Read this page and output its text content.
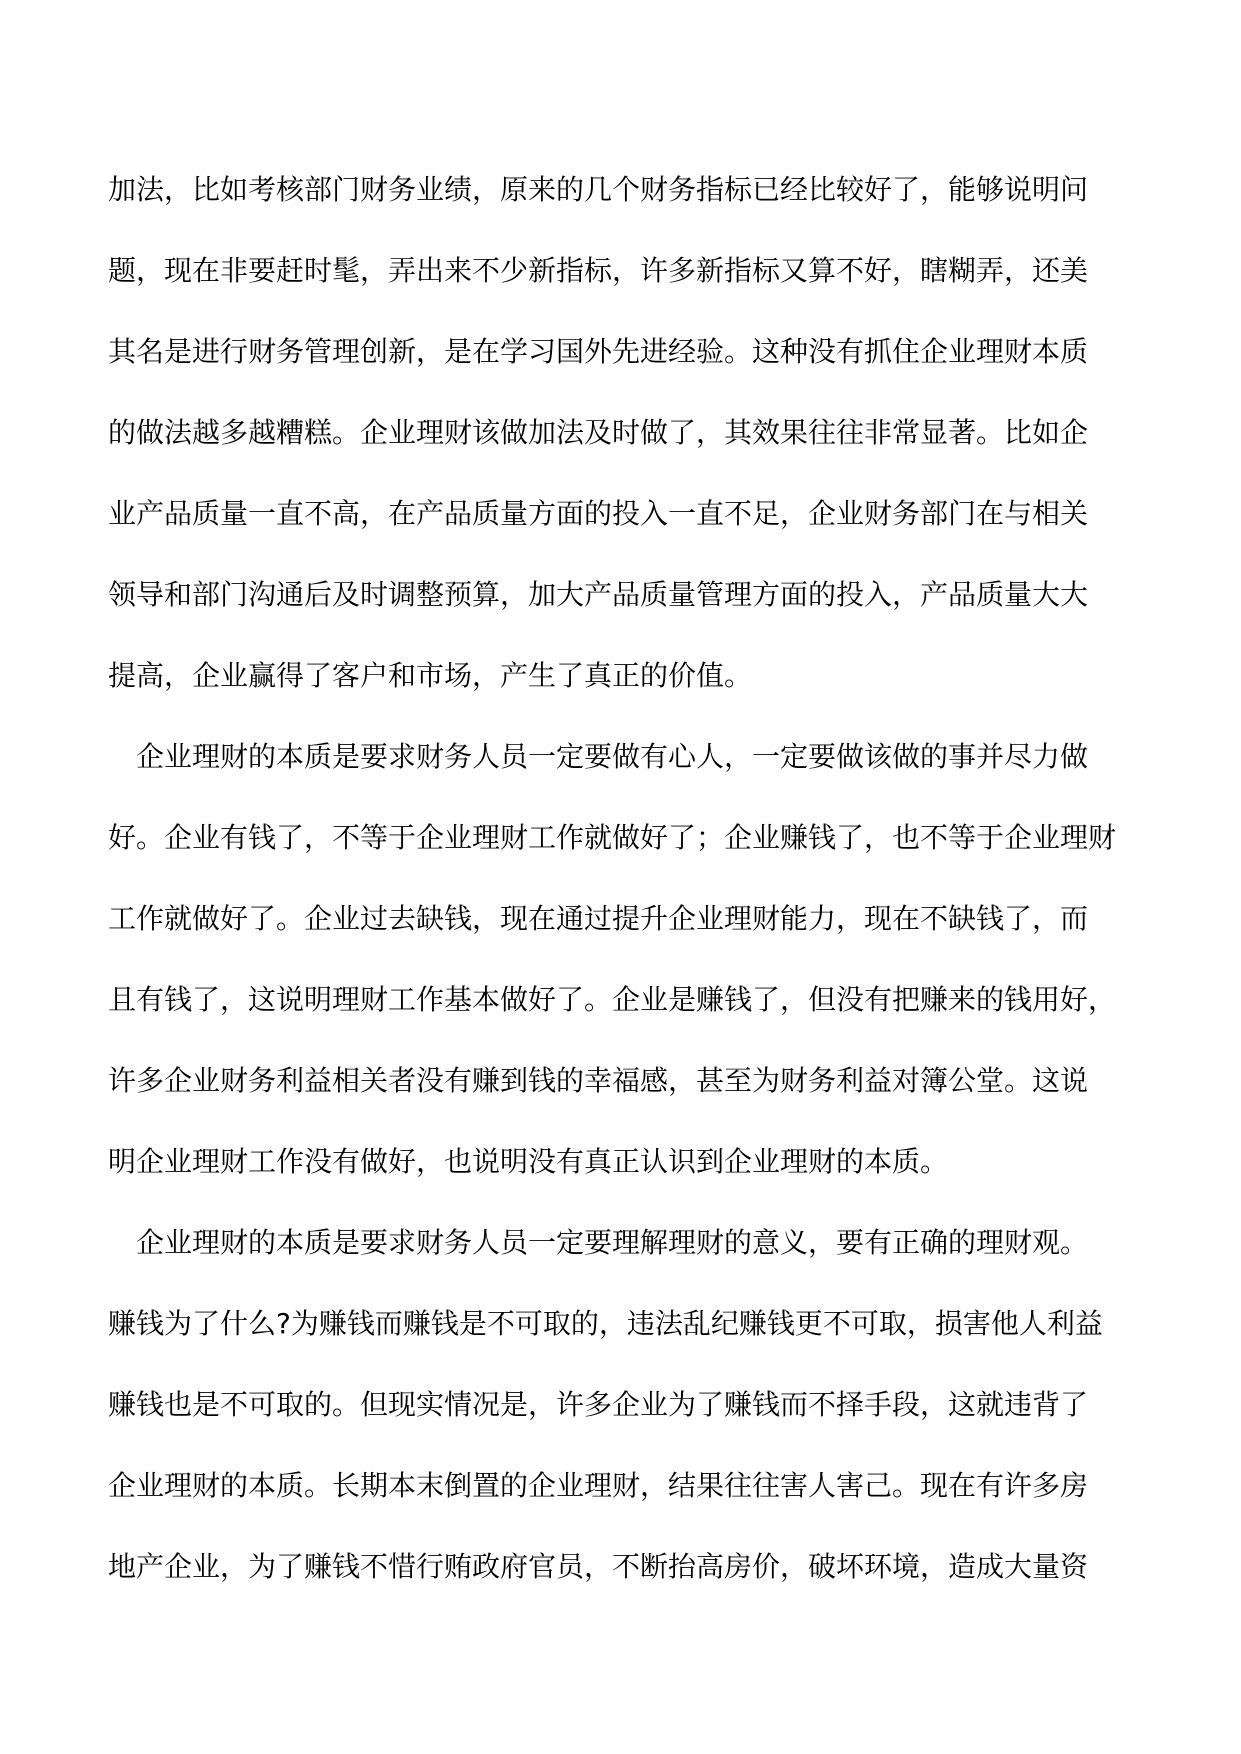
加法，比如考核部门财务业绩，原来的几个财务指标已经比较好了，能够说明问
题，现在非要赶时髦，弄出来不少新指标，许多新指标又算不好，瞎糊弄，还美
其名是进行财务管理创新，是在学习国外先进经验。这种没有抓住企业理财本质
的做法越多越糟糕。企业理财该做加法及时做了，其效果往往非常显著。比如企
业产品质量一直不高，在产品质量方面的投入一直不足，企业财务部门在与相关
领导和部门沟通后及时调整预算，加大产品质量管理方面的投入，产品质量大大
提高，企业赢得了客户和市场，产生了真正的价值。
企业理财的本质是要求财务人员一定要做有心人，一定要做该做的事并尽力做
好。企业有钱了，不等于企业理财工作就做好了；企业赚钱了，也不等于企业理财
工作就做好了。企业过去缺钱，现在通过提升企业理财能力，现在不缺钱了，而
且有钱了，这说明理财工作基本做好了。企业是赚钱了，但没有把赚来的钱用好，
许多企业财务利益相关者没有赚到钱的幸福感，甚至为财务利益对簿公堂。这说
明企业理财工作没有做好，也说明没有真正认识到企业理财的本质。
企业理财的本质是要求财务人员一定要理解理财的意义，要有正确的理财观。
赚钱为了什么?为赚钱而赚钱是不可取的，违法乱纪赚钱更不可取，损害他人利益
赚钱也是不可取的。但现实情况是，许多企业为了赚钱而不择手段，这就违背了
企业理财的本质。长期本末倒置的企业理财，结果往往害人害己。现在有许多房
地产企业，为了赚钱不惜行贿政府官员，不断抬高房价，破坏环境，造成大量资
